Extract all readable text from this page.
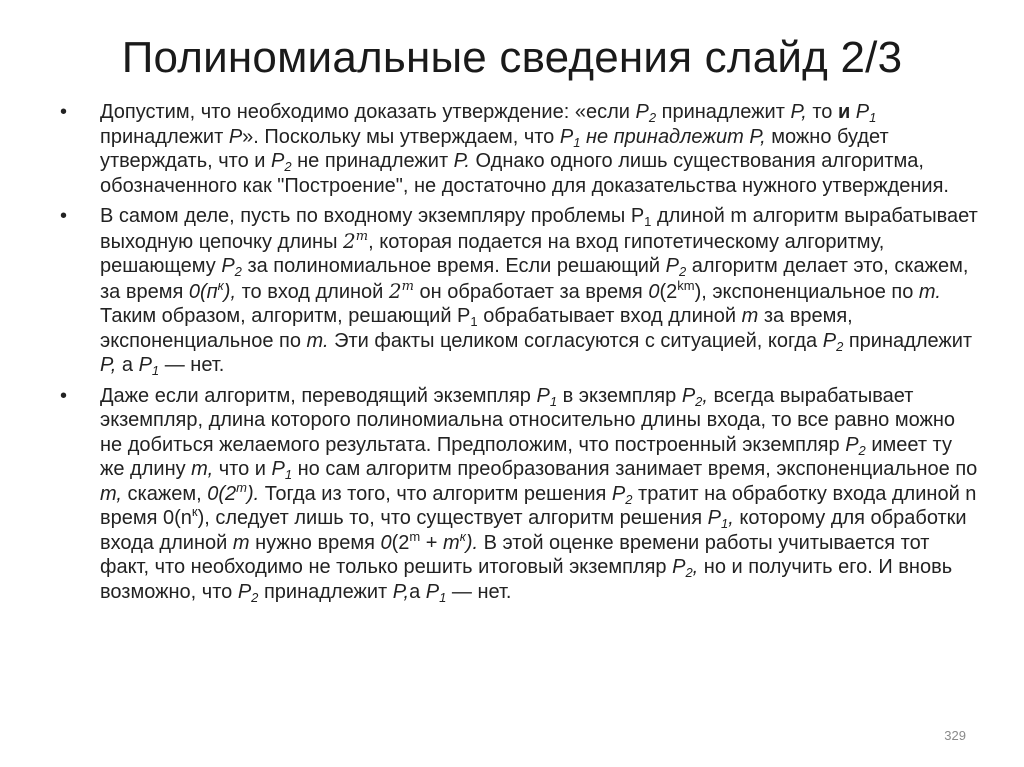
Полиномиальные сведения слайд 2/3
•	Допустим, что необходимо доказать утверждение: «если $P_2$ принадлежит P, то и $P_1$ принадлежит P». Поскольку мы утверждаем, что $P_1$ не принадлежит P, можно будет утверждать, что и $P_2$ не принадлежит P. Однако одного лишь существования алгоритма, обозначенного как "Построение", не достаточно для доказательства нужного утверждения.
•	В самом деле, пусть по входному экземпляру проблемы $P_1$ длиной m алгоритм вырабатывает выходную цепочку длины 2$^m$, которая подается на вход гипотетическому алгоритму, решающему $P_2$ за полиномиальное время. Если решающий $P_2$ алгоритм делает это, скажем, за время $0(п^к)$, то вход длиной 2$^m$ он обработает за время $0(2^{km})$, экспоненциальное по т. Таким образом, алгоритм, решающий $P_1$ обрабатывает вход длиной т за время, экспоненциальное по т. Эти факты целиком согласуются с ситуацией, когда $P_2$ принадлежит P, а $P_1$ — нет.
•	Даже если алгоритм, переводящий экземпляр $P_1$ в экземпляр $P_2$, всегда вырабатывает экземпляр, длина которого полиномиальна относительно длины входа, то все равно можно не добиться желаемого результата. Предположим, что построенный экземпляр $P_2$ имеет ту же длину т, что и $P_1$ но сам алгоритм преобразования занимает время, экспоненциальное по т, скажем, $0(2^т)$. Тогда из того, что алгоритм решения $P_2$ тратит на обработку входа длиной n время $0(n^к)$, следует лишь то, что существует алгоритм решения $P_1$, которому для обработки входа длиной т нужно время $0(2^m + т^к)$. В этой оценке времени работы учитывается тот факт, что необходимо не только решить итоговый экземпляр $P_2$, но и получить его. И вновь возможно, что $P_2$ принадлежит P,а $P_1$ — нет.
329
